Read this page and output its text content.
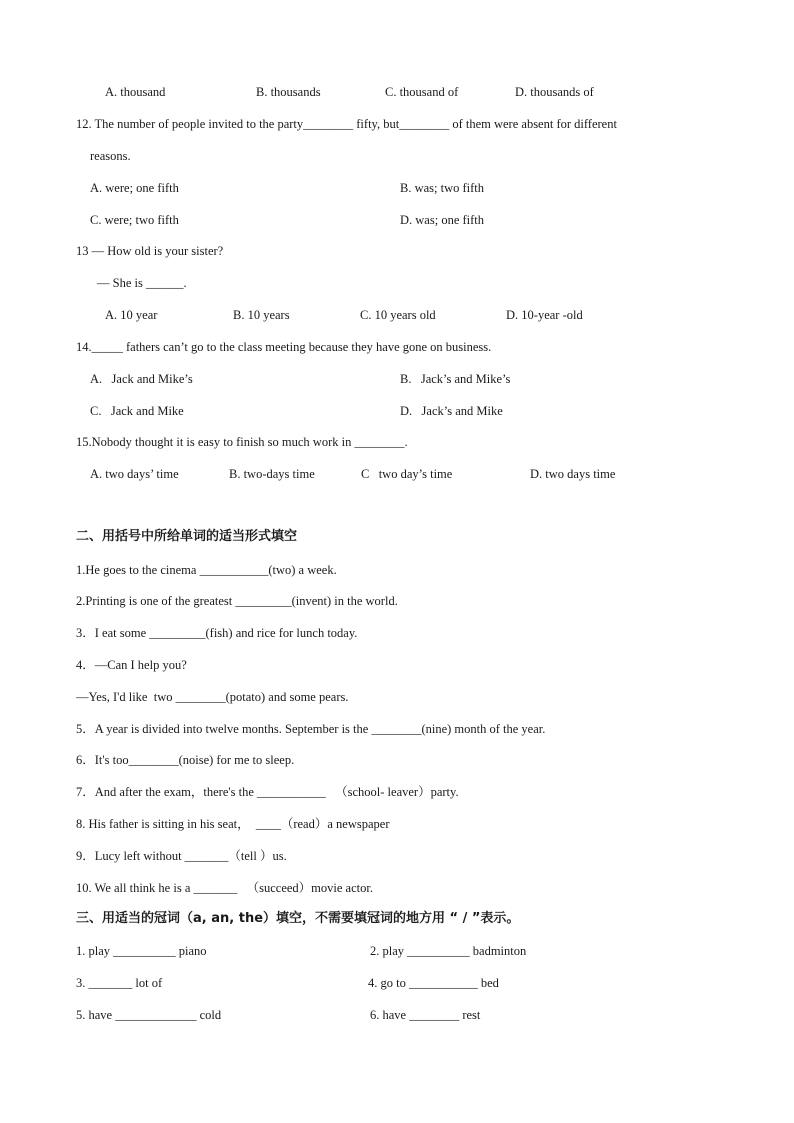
A. thousand	B. thousands	C. thousand of	D. thousands of
12. The number of people invited to the party________ fifty, but________ of them were absent for different
reasons.
A. were; one fifth	B. was; two fifth
C. were; two fifth	D. was; one fifth
13 — How old is your sister?
— She is ______.
A. 10 year	B. 10 years	C. 10 years old	D. 10-year -old
14._____ fathers can’t go to the class meeting because they have gone on business.
A.   Jack and Mike’s	B.   Jack’s and Mike’s
C.   Jack and Mike	D.   Jack’s and Mike
15.Nobody thought it is easy to finish so much work in ________.
A. two days’ time	B. two-days time	C   two day’s time	D. two days time
二、用括号中所给单词的适当形式填空
1.He goes to the cinema ___________(two) a week.
2.Printing is one of the greatest _________(invent) in the world.
3．I eat some _________(fish) and rice for lunch today.
4．—Can I help you?
—Yes, I'd like  two ________(potato) and some pears.
5．A year is divided into twelve months. September is the ________(nine) month of the year.
6．It's too________(noise) for me to sleep.
7．And after the exam，there's the ___________   （school- leaver）party.
8. His father is sitting in his seat，  ____（read）a newspaper
9．Lucy left without _______（tell ）us.
10. We all think he is a _______   （succeed）movie actor.
三、用适当的冠词（a, an, the）填空，不需要填冠词的地方用 “ / ”表示。
1. play __________ piano	2. play __________ badminton
3. _______ lot of	4. go to ___________ bed
5. have _____________ cold	6. have ________ rest
